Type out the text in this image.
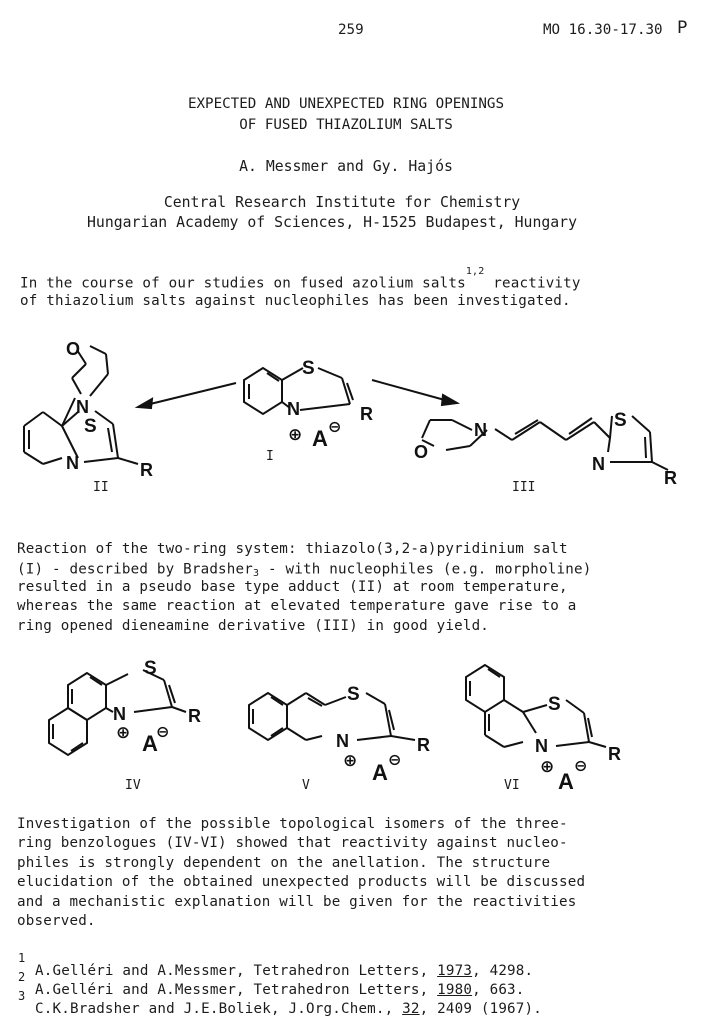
259	MO 16.30-17.30 P
EXPECTED AND UNEXPECTED RING OPENINGS
OF FUSED THIAZOLIUM SALTS
A. Messmer and Gy. Hajós
Central Research Institute for Chemistry
Hungarian Academy of Sciences, H-1525 Budapest, Hungary
In the course of our studies on fused azolium salts$^{1,2}$ reactivity
of thiazolium salts against nucleophiles has been investigated.
S
N	R
⊕ A ⊖
O
N
S
N	R
N
O
S
N
R
I
II	III
Reaction of the two-ring system: thiazolo(3,2-a)pyridinium salt
(I) - described by Bradsher$^3$ - with nucleophiles (e.g. morpholine)
resulted in a pseudo base type adduct (II) at room temperature,
whereas the same reaction at elevated temperature gave rise to a
ring opened dieneamine derivative (III) in good yield.
S
N	R
⊕ A
⊖
S
N	R
⊕ A ⊖
S
N	R
⊕
A
⊖
IV	V	VI
Investigation of the possible topological isomers of the three-
ring benzologues (IV-VI) showed that reactivity against nucleo-
philes is strongly dependent on the anellation. The structure
elucidation of the obtained unexpected products will be discussed
and a mechanistic explanation will be given for the reactivities
observed.
1
2
3
A.Gelléri and A.Messmer, Tetrahedron Letters, 1973, 4298.
A.Gelléri and A.Messmer, Tetrahedron Letters, 1980, 663.
C.K.Bradsher and J.E.Boliek, J.Org.Chem., 32, 2409 (1967).
